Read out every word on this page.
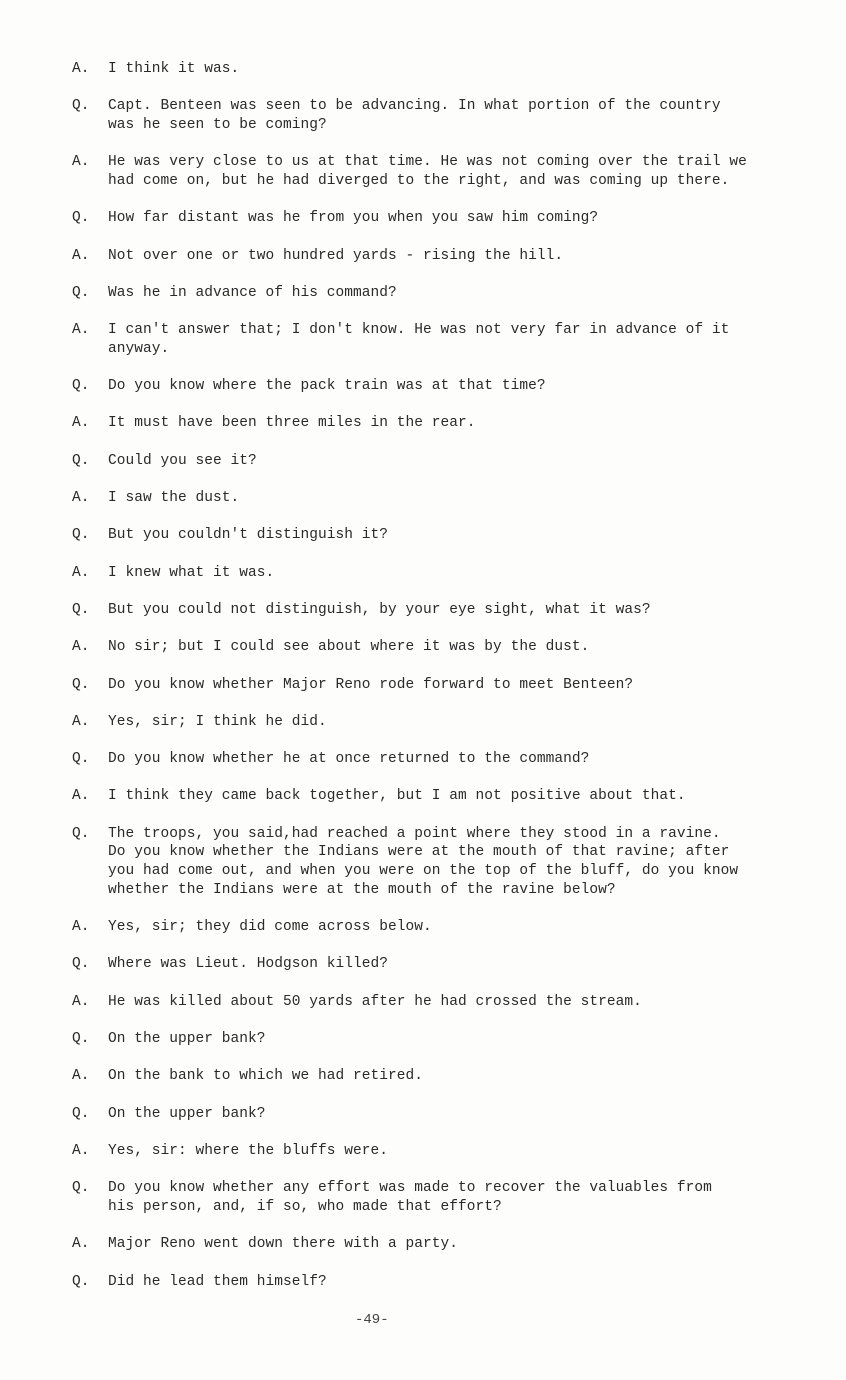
A.	I think it was.
Q.	Capt. Benteen was seen to be advancing. In what portion of the country
was he seen to be coming?
A.	He was very close to us at that time. He was not coming over the trail we
had come on, but he had diverged to the right, and was coming up there.
Q.	How far distant was he from you when you saw him coming?
A.	Not over one or two hundred yards - rising the hill.
Q.	Was he in advance of his command?
A.	I can't answer that; I don't know. He was not very far in advance of it
anyway.
Q.	Do you know where the pack train was at that time?
A.	It must have been three miles in the rear.
Q.	Could you see it?
A.	I saw the dust.
Q.	But you couldn't distinguish it?
A.	I knew what it was.
Q.	But you could not distinguish, by your eye sight, what it was?
A.	No sir; but I could see about where it was by the dust.
Q.	Do you know whether Major Reno rode forward to meet Benteen?
A.	Yes, sir; I think he did.
Q.	Do you know whether he at once returned to the command?
A.	I think they came back together, but I am not positive about that.
Q.	The troops, you said,had reached a point where they stood in a ravine.
Do you know whether the Indians were at the mouth of that ravine; after
you had come out, and when you were on the top of the bluff, do you know
whether the Indians were at the mouth of the ravine below?
A.	Yes, sir; they did come across below.
Q.	Where was Lieut. Hodgson killed?
A.	He was killed about 50 yards after he had crossed the stream.
Q.	On the upper bank?
A.	On the bank to which we had retired.
Q.	On the upper bank?
A.	Yes, sir: where the bluffs were.
Q.	Do you know whether any effort was made to recover the valuables from
his person, and, if so, who made that effort?
A.	Major Reno went down there with a party.
Q.	Did he lead them himself?
-49-
